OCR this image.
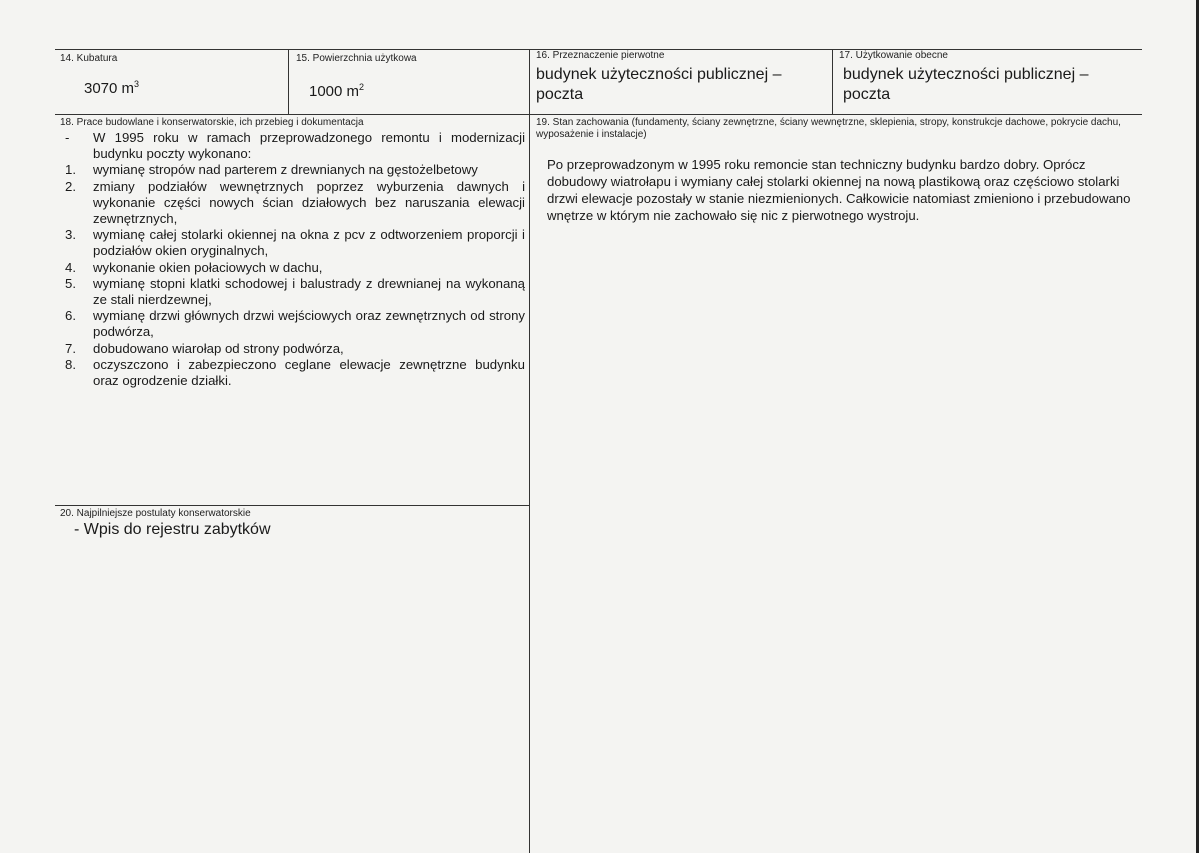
14. Kubatura
3070 $m^3$
15. Powierzchnia użytkowa
1000 $m^2$
16. Przeznaczenie pierwotne
budynek użyteczności publicznej –
poczta
17. Użytkowanie obecne
budynek użyteczności publicznej –
poczta
18. Prace budowlane i konserwatorskie, ich przebieg i dokumentacja
-	W 1995 roku w ramach przeprowadzonego remontu i modernizacji budynku poczty wykonano:
1.	wymianę stropów nad parterem z drewnianych na gęstożelbetowy
2.	zmiany podziałów wewnętrznych poprzez wyburzenia dawnych i wykonanie części nowych ścian działowych bez naruszania elewacji zewnętrznych,
3.	wymianę całej stolarki okiennej na okna z pcv z odtworzeniem proporcji i podziałów okien oryginalnych,
4.	wykonanie okien połaciowych w dachu,
5.	wymianę stopni klatki schodowej i balustrady z drewnianej na wykonaną ze stali nierdzewnej,
6.	wymianę drzwi głównych drzwi wejściowych oraz zewnętrznych od strony podwórza,
7.	dobudowano wiarołap od strony podwórza,
8.	oczyszczono i zabezpieczono ceglane elewacje zewnętrzne budynku oraz ogrodzenie działki.
19. Stan zachowania (fundamenty, ściany zewnętrzne, ściany wewnętrzne, sklepienia, stropy, konstrukcje dachowe, pokrycie dachu, wyposażenie i instalacje)
Po przeprowadzonym w 1995 roku remoncie stan techniczny budynku bardzo dobry. Oprócz dobudowy wiatrołapu i wymiany całej stolarki okiennej na nową plastikową oraz częściowo stolarki drzwi elewacje pozostały w stanie niezmienionych. Całkowicie natomiast zmieniono i przebudowano wnętrze w którym nie zachowało się nic z pierwotnego wystroju.
20. Najpilniejsze postulaty konserwatorskie
- Wpis do rejestru zabytków
